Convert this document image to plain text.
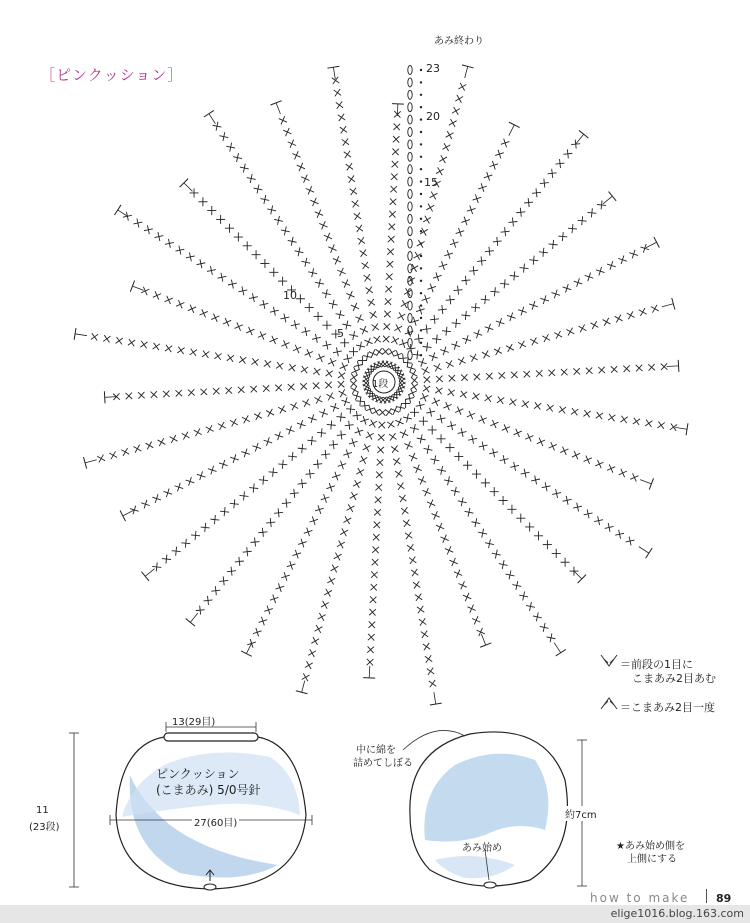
［ピンクッション］
1段
あみ終わり
23
20
15
10
5
＝前段の1目に
こまあみ2目あむ
＝こまあみ2目一度
13(29目)
ピンクッション
(こまあみ) 5/0号針
27(60目)
11
(23段)
中に綿を
詰めてしぼる
約7cm
あみ始め	★あみ始め側を
上側にする
how to make 89
elige1016.blog.163.com
